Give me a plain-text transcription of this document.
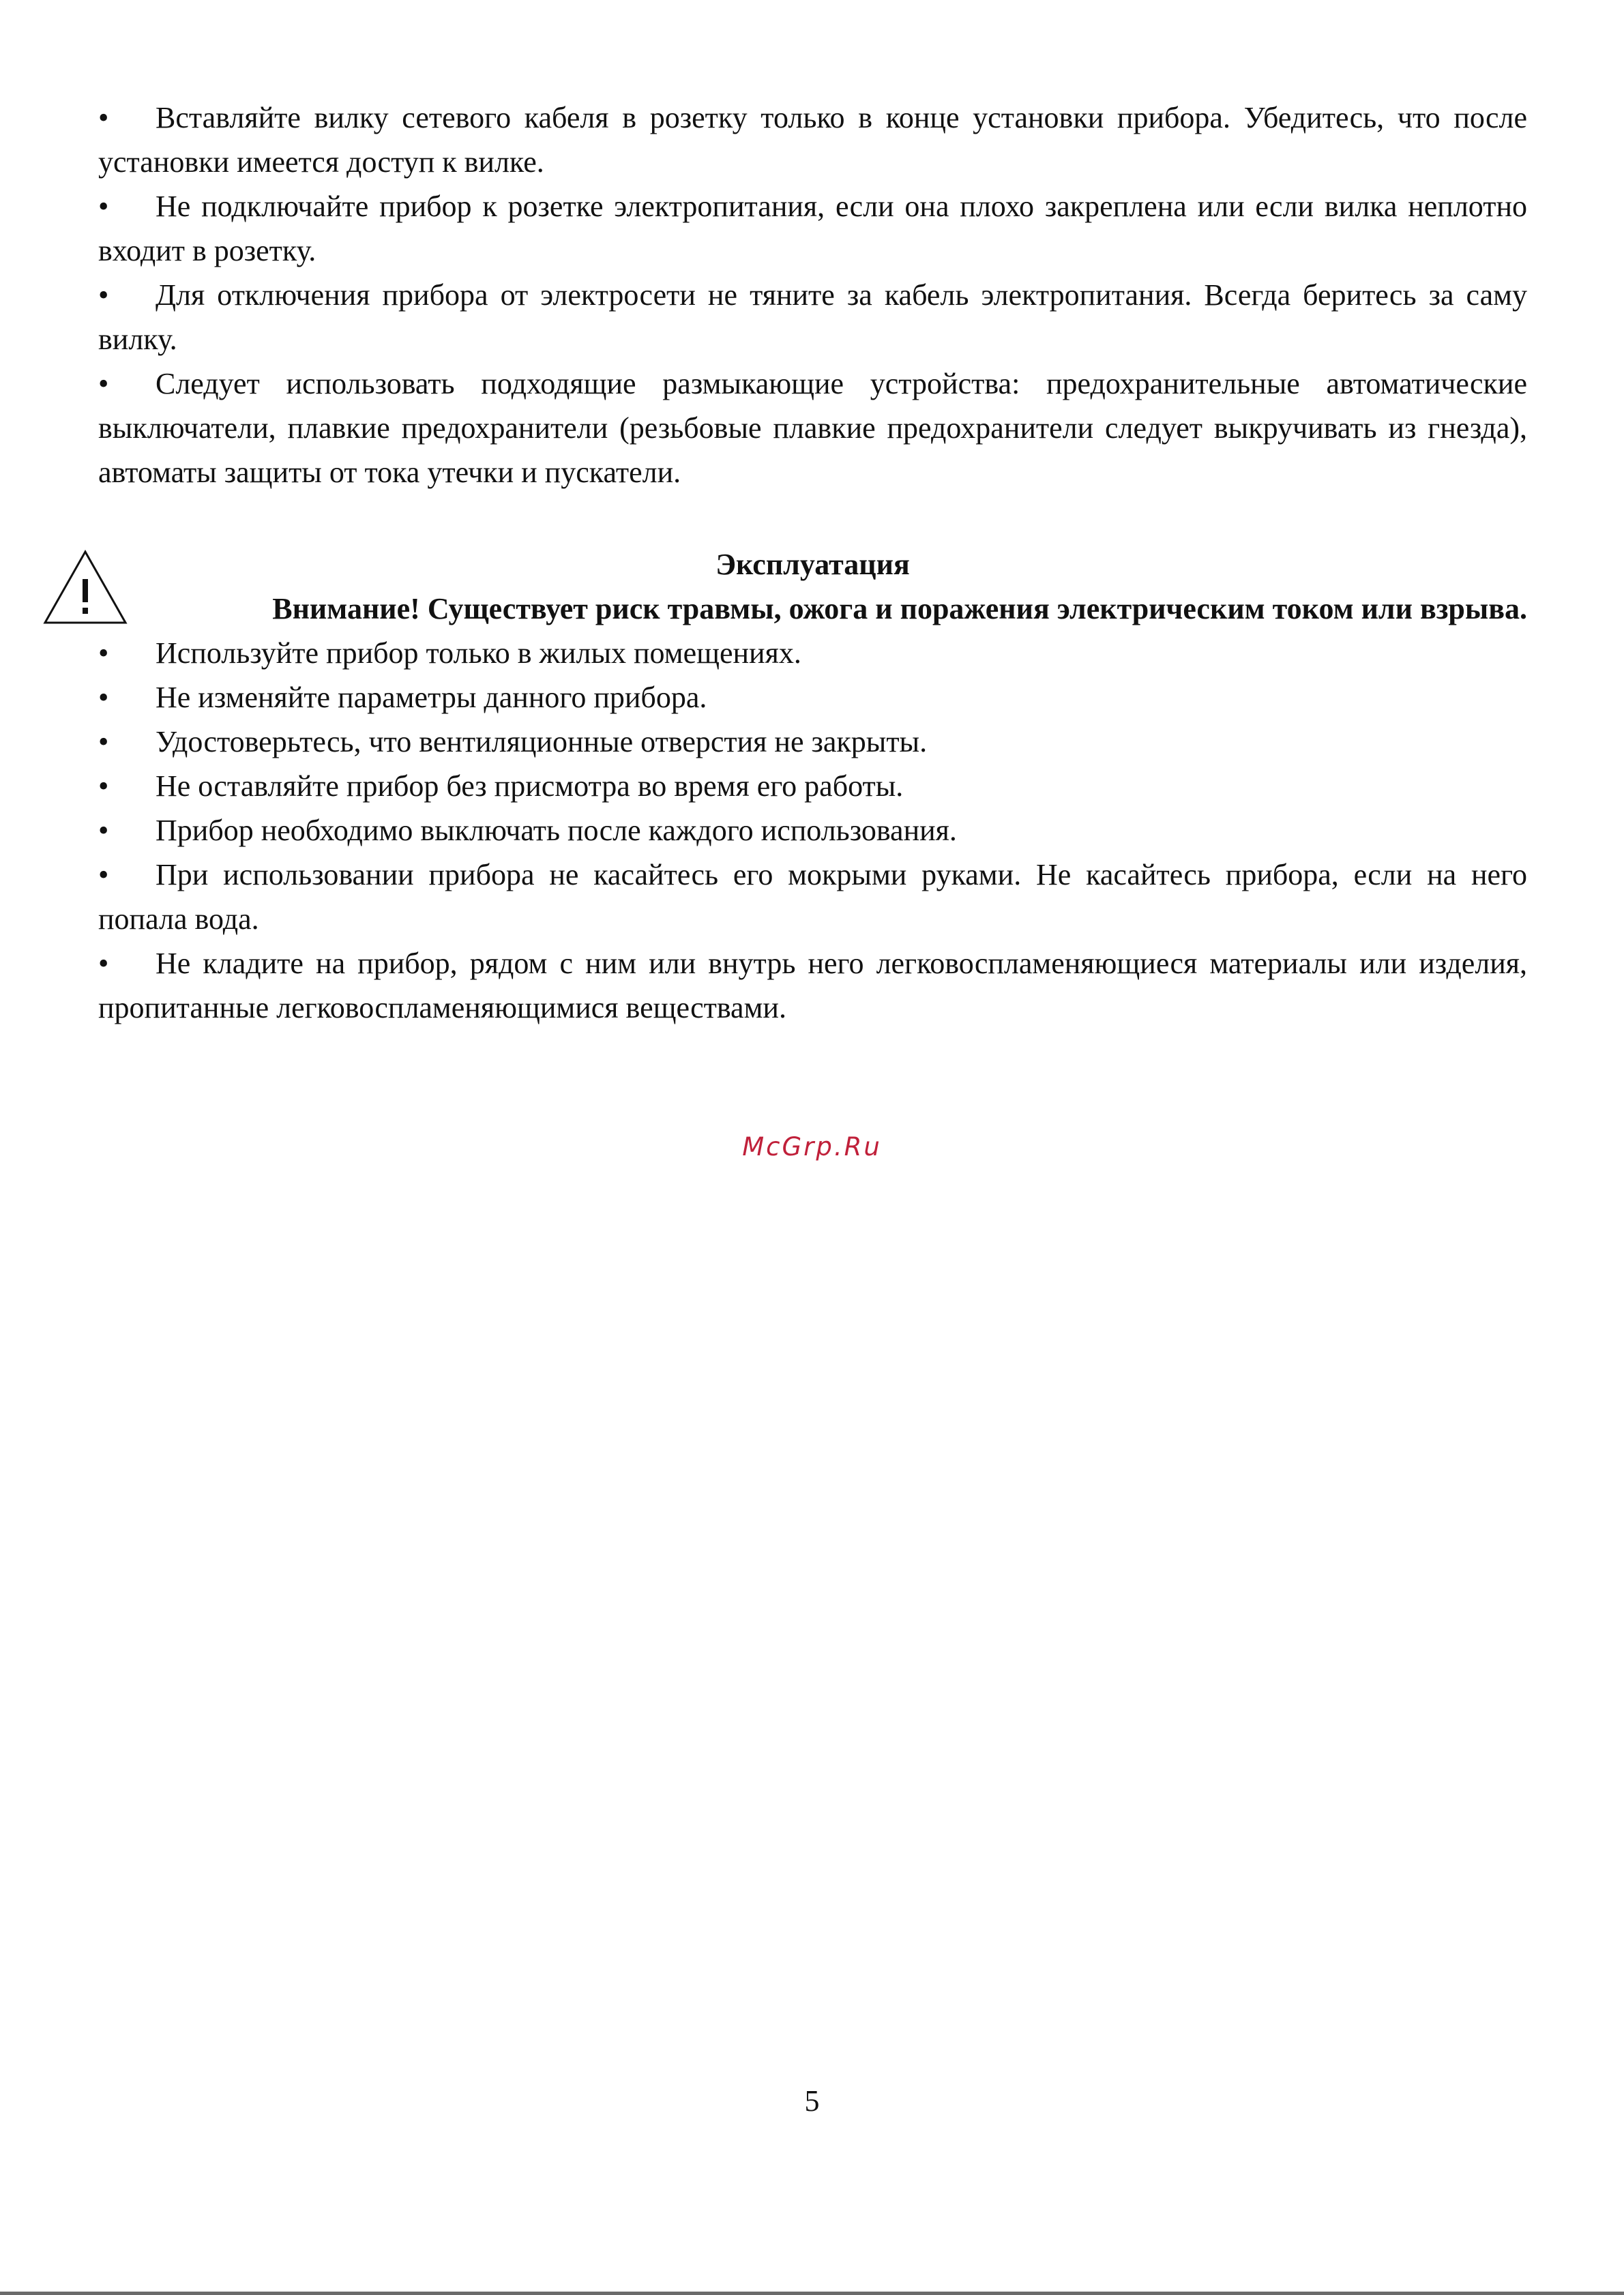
• Вставляйте вилку сетевого кабеля в розетку только в конце установки прибора. Убедитесь, что после установки имеется доступ к вилке.

• Не подключайте прибор к розетке электропитания, если она плохо закреплена или если вилка неплотно входит в розетку.

• Для отключения прибора от электросети не тяните за кабель электропитания. Всегда беритесь за саму вилку.

• Следует использовать подходящие размыкающие устройства: предохранительные автоматические выключатели, плавкие предохранители (резьбовые плавкие предохранители следует выкручивать из гнезда), автоматы защиты от тока утечки и пускатели.

Эксплуатация

Внимание! Существует риск травмы, ожога и поражения электрическим током или взрыва.

• Используйте прибор только в жилых помещениях.

• Не изменяйте параметры данного прибора.

• Удостоверьтесь, что вентиляционные отверстия не закрыты.

• Не оставляйте прибор без присмотра во время его работы.

• Прибор необходимо выключать после каждого использования.

• При использовании прибора не касайтесь его мокрыми руками. Не касайтесь прибора, если на него попала вода.

• Не кладите на прибор, рядом с ним или внутрь него легковоспламеняющиеся материалы или изделия, пропитанные легковоспламеняющимися веществами.

McGrp.Ru
5
